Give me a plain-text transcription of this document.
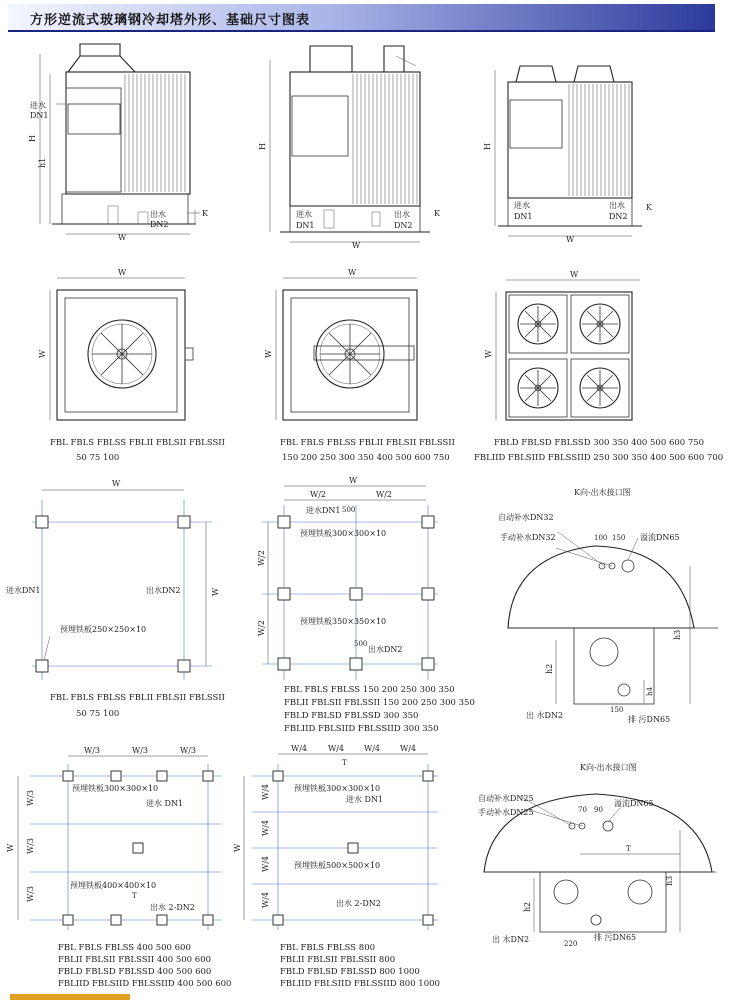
方形逆流式玻璃钢冷却塔外形、基础尺寸图表
H
h1
进水
DN1
出水
DN2
K
W
H
进水
DN1
出水
DN2
K
W
H
进水
DN1
出水
DN2
K
W
W
W
FBL FBLS FBLSS FBLII FBLSII FBLSSII
50 75 100
W
W
FBL FBLS FBLSS FBLII FBLSII FBLSSII
150 200 250 300 350 400 500 600 750
W
W
FBLD FBLSD FBLSSD 300 350 400 500 600 750
FBLIID FBLSIID FBLSSIID 250 300 350 400 500 600 700
W
W
进水DN1	出水DN2
预埋铁板250×250×10
FBL FBLS FBLSS FBLII FBLSII FBLSSII
50 75 100
W
W/2	W/2
W/2
W/2
进水DN1 500
预埋铁板300×300×10
预埋铁板350×350×10
500
出水DN2
FBL FBLS FBLSS 150 200 250 300 350
FBLII FBLSII FBLSSII 150 200 250 300 350
FBLD FBLSD FBLSSD 300 350
FBLIID FBLSIID FBLSSIID 300 350
K向-出水接口图
自动补水DN32
手动补水DN32	100 150 溢流DN65
h3
h2
h4
出 水DN2
150
排 污DN65
W/3	W/3	W/3
W
W/3
W/3
W/3
预埋铁板300×300×10
进水 DN1
预埋铁板400×400×10
T
出水 2-DN2
FBL FBLS FBLSS 400 500 600
FBLII FBLSII FBLSSII 400 500 600
FBLD FBLSD FBLSSD 400 500 600
FBLIID FBLSIID FBLSSIID 400 500 600
W/4	W/4 W/4 W/4
W
W/4
W/4
W/4
W/4
T
预埋铁板300×300×10
进水 DN1
预埋铁板500×500×10
出水 2-DN2
FBL FBLS FBLSS 800
FBLII FBLSII FBLSSII 800
FBLD FBLSD FBLSSD 800 1000
FBLIID FBLSIID FBLSSIID 800 1000
K向-出水接口图
自动补水DN25
手动补水DN25	70 90
溢流DN65
T
h3
h2
出 水DN2	220
排 污DN65
